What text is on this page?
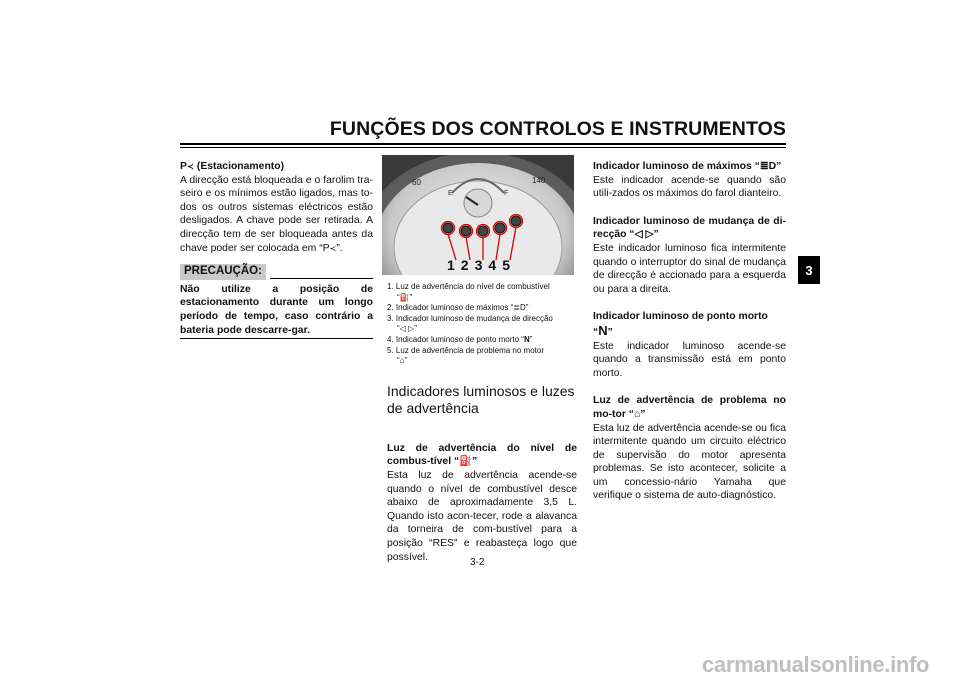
FUNÇÕES DOS CONTROLOS E INSTRUMENTOS
3

P≺ (Estacionamento)

A direcção está bloqueada e o farolim tra-seiro e os mínimos estão ligados, mas to-dos os outros sistemas eléctricos estão desligados. A chave pode ser retirada. A direcção tem de ser bloqueada antes da chave poder ser colocada em “P≺”.

PRECAUÇÃO:

Não utilize a posição de estacionamento durante um longo período de tempo, caso contrário a bateria pode descarre-gar.

E	F
60	140
12345

1. Luz de advertência do nível de combustível

“⛽”

2. Indicador luminoso de máximos “≣D”

3. Indicador luminoso de mudança de direcção

“◁ ▷”

4. Indicador luminoso de ponto morto “N”

5. Luz de advertência de problema no motor

“⌂”

Indicadores luminosos e luzes de advertência

Luz de advertência do nível de combus-tível “⛽”

Esta luz de advertência acende-se quando o nível de combustível desce abaixo de aproximadamente 3,5 L. Quando isto acon-tecer, rode a alavanca da torneira de com-bustível para a posição “RES” e reabasteça logo que possível.

Indicador luminoso de máximos “≣D”

Este indicador acende-se quando são utili-zados os máximos do farol dianteiro.

Indicador luminoso de mudança de di-recção “◁ ▷”

Este indicador luminoso fica intermitente quando o interruptor do sinal de mudança de direcção é accionado para a esquerda ou para a direita.

Indicador luminoso de ponto morto

“N”

Este indicador luminoso acende-se quando a transmissão está em ponto morto.

Luz de advertência de problema no mo-tor “⌂”

Esta luz de advertência acende-se ou fica intermitente quando um circuito eléctrico de supervisão do motor apresenta problemas. Se isto acontecer, solicite a um concessio-nário Yamaha que verifique o sistema de auto-diagnóstico.

3-2
carmanualsonline.info
